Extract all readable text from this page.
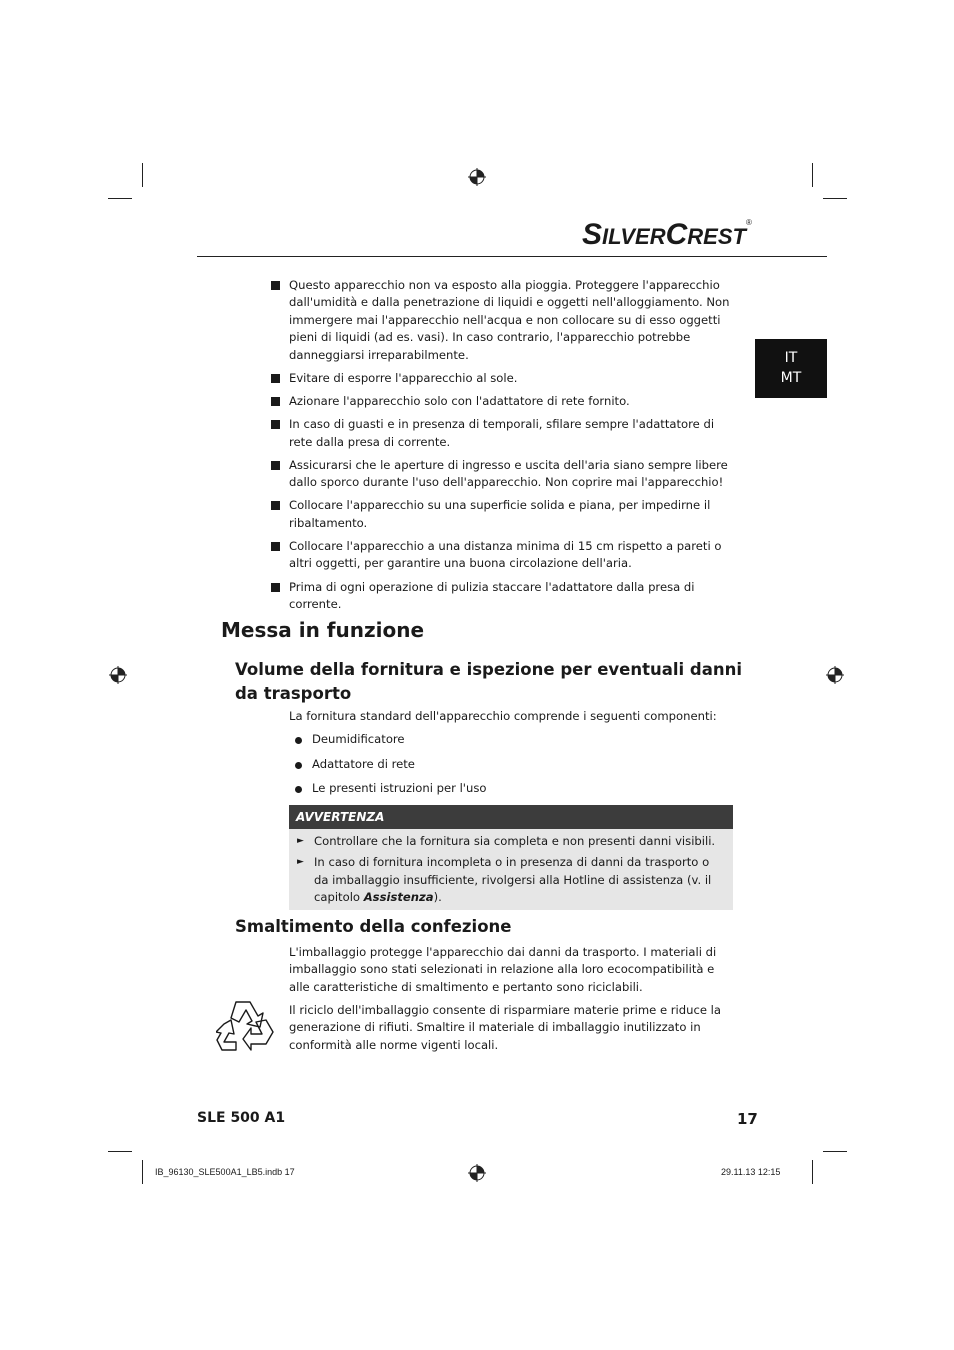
SILVERCREST®
IT
MT
Questo apparecchio non va esposto alla pioggia. Proteggere l'apparecchio dall'umidità e dalla penetrazione di liquidi e oggetti nell'alloggiamento. Non immergere mai l'apparecchio nell'acqua e non collocare su di esso oggetti pieni di liquidi (ad es. vasi). In caso contrario, l'apparecchio potrebbe danneggiarsi irreparabilmente.
Evitare di esporre l'apparecchio al sole.
Azionare l'apparecchio solo con l'adattatore di rete fornito.
In caso di guasti e in presenza di temporali, sfilare sempre l'adattatore di rete dalla presa di corrente.
Assicurarsi che le aperture di ingresso e uscita dell'aria siano sempre libere dallo sporco durante l'uso dell'apparecchio. Non coprire mai l'apparecchio!
Collocare l'apparecchio su una superficie solida e piana, per impedirne il ribaltamento.
Collocare l'apparecchio a una distanza minima di 15 cm rispetto a pareti o altri oggetti, per garantire una buona circolazione dell'aria.
Prima di ogni operazione di pulizia staccare l'adattatore dalla presa di corrente.
Messa in funzione
Volume della fornitura e ispezione per eventuali danni da trasporto

La fornitura standard dell'apparecchio comprende i seguenti componenti:

Deumidificatore
Adattatore di rete
Le presenti istruzioni per l'uso
AVVERTENZA
► Controllare che la fornitura sia completa e non presenti danni visibili.
► In caso di fornitura incompleta o in presenza di danni da trasporto o da imballaggio insufficiente, rivolgersi alla Hotline di assistenza (v. il capitolo Assistenza).
Smaltimento della confezione

L'imballaggio protegge l'apparecchio dai danni da trasporto. I materiali di imballaggio sono stati selezionati in relazione alla loro ecocompatibilità e alle caratteristiche di smaltimento e pertanto sono riciclabili.

Il riciclo dell'imballaggio consente di risparmiare materie prime e riduce la generazione di rifiuti. Smaltire il materiale di imballaggio inutilizzato in conformità alle norme vigenti locali.

SLE 500 A1	17
IB_96130_SLE500A1_LB5.indb 17	29.11.13 12:15
